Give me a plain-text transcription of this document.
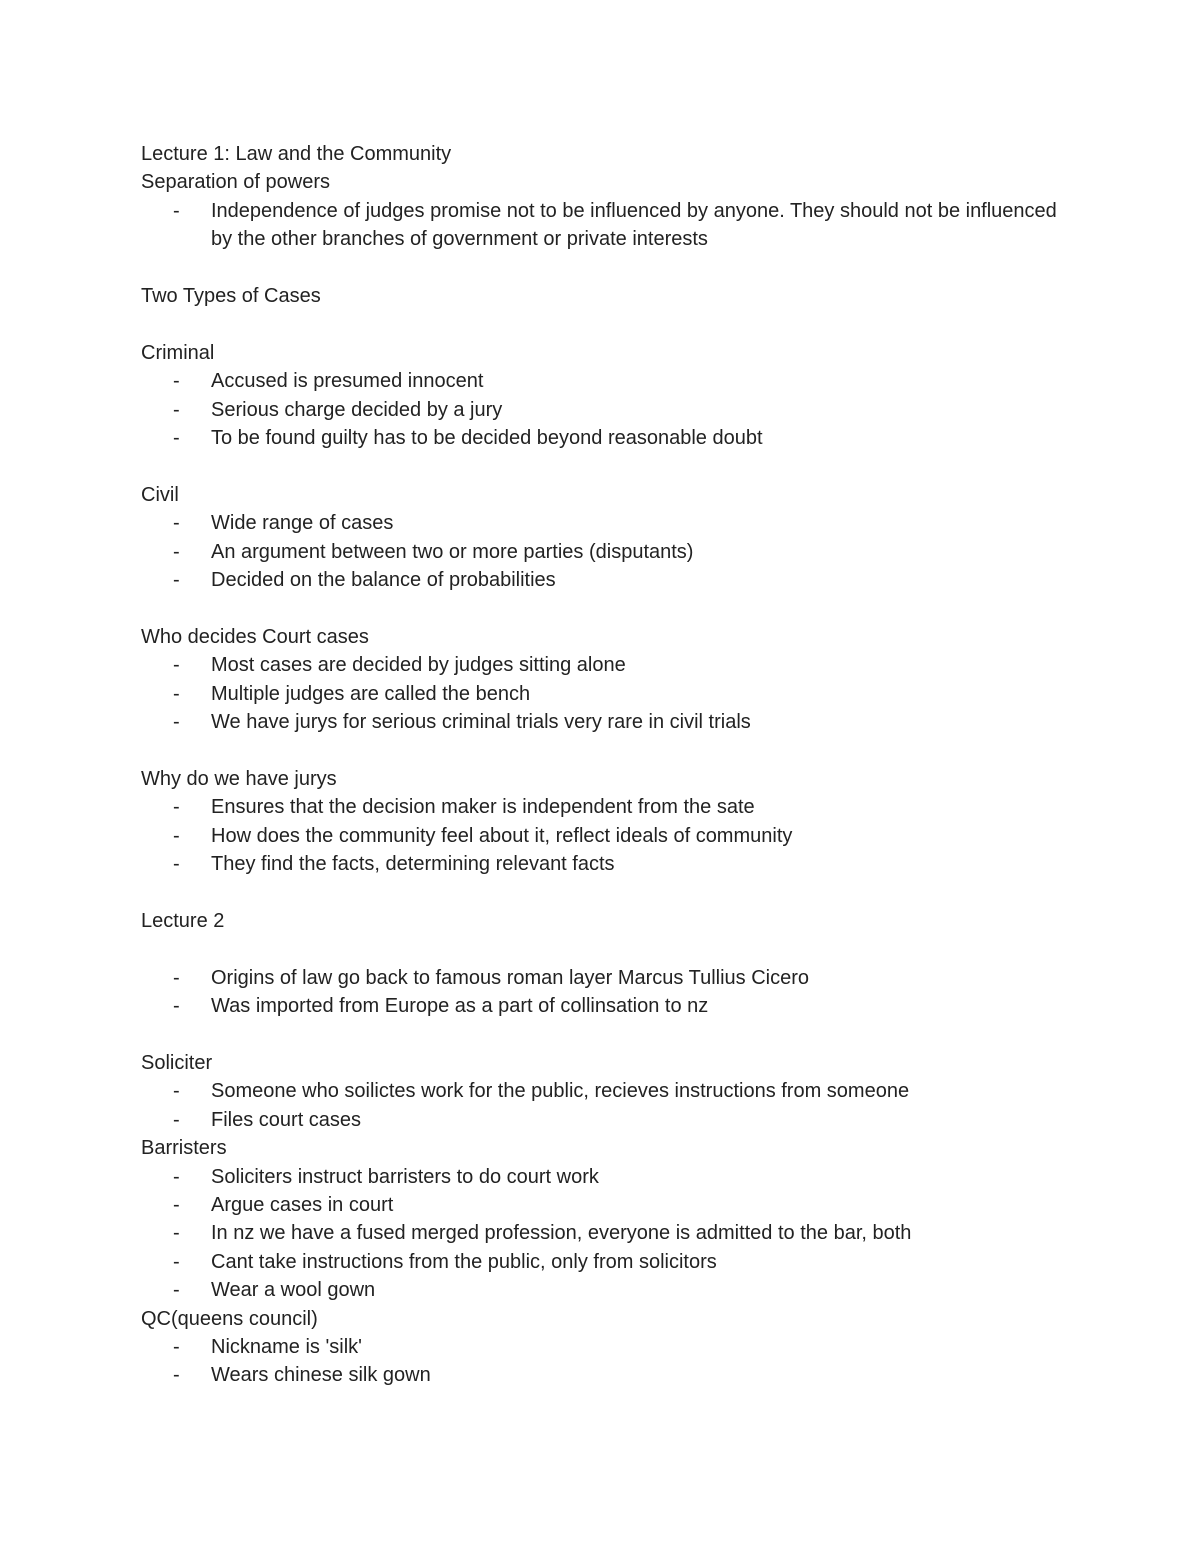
Lecture 1: Law and the Community
Separation of powers
-	Independence of judges promise not to be influenced by anyone. They should not be influenced by the other branches of government or private interests
Two Types of Cases
Criminal
-	Accused is presumed innocent
-	Serious charge decided by a jury
-	To be found guilty has to be decided beyond reasonable doubt
Civil
-	Wide range of cases
-	An argument between two or more parties (disputants)
-	Decided on the balance of probabilities
Who decides Court cases
-	Most cases are decided by judges sitting alone
-	Multiple judges are called the bench
-	We have jurys for serious criminal trials very rare in civil trials
Why do we have jurys
-	Ensures that the decision maker is independent from the sate
-	How does the community feel about it, reflect ideals of community
-	They find the facts, determining relevant facts
Lecture 2
-	Origins of law go back to famous roman layer Marcus Tullius Cicero
-	Was imported from Europe as a part of collinsation to nz
Soliciter
-	Someone who soilictes work for the public, recieves instructions from someone
-	Files court cases
Barristers
-	Soliciters instruct barristers to do court work
-	Argue cases in court
-	In nz we have a fused merged profession, everyone is admitted to the bar, both
-	Cant take instructions from the public, only from solicitors
-	Wear a wool gown
QC(queens council)
-	Nickname is 'silk'
-	Wears chinese silk gown
